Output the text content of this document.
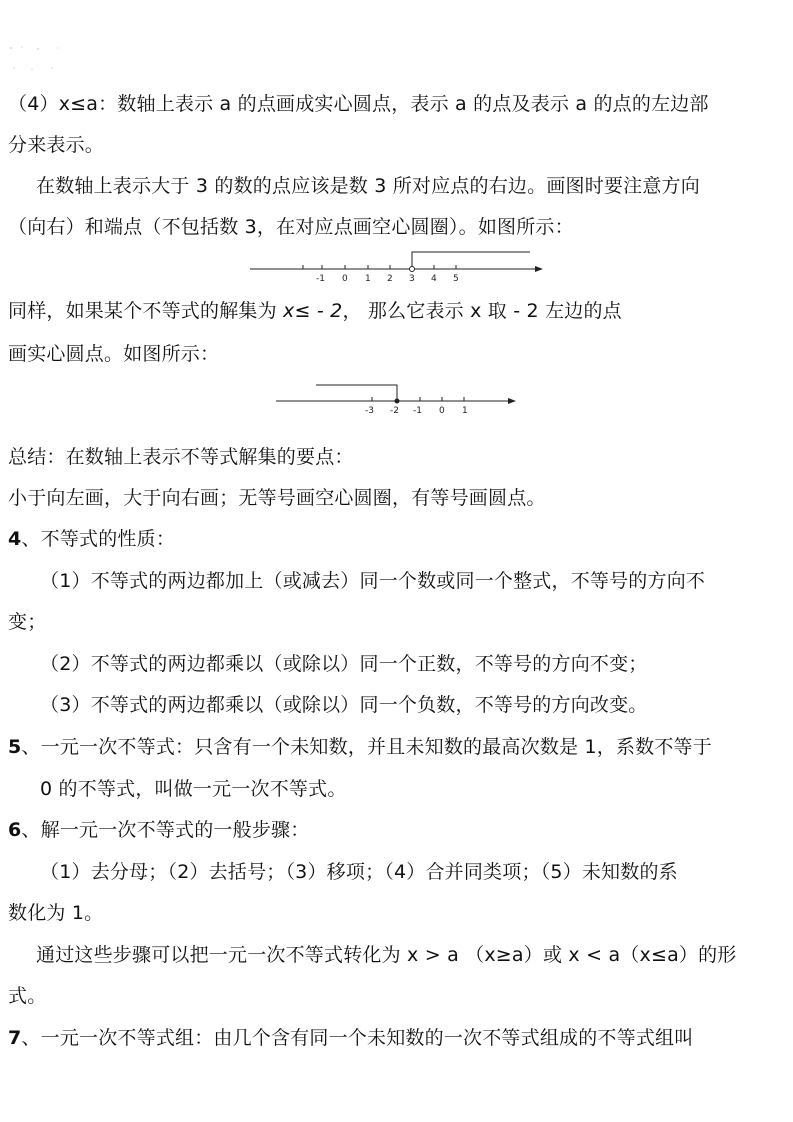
（4）x≤a：数轴上表示 a 的点画成实心圆点，表示 a 的点及表示 a 的点的左边部
分来表示。
在数轴上表示大于 3 的数的点应该是数 3 所对应点的右边。画图时要注意方向
（向右）和端点（不包括数 3，在对应点画空心圆圈）。如图所示：
-1 0 1 2 3 4 5
同样，如果某个不等式的解集为 x≤ - 2， 那么它表示 x 取 - 2 左边的点
画实心圆点。如图所示：
-3 -2 -1 0 1
总结：在数轴上表示不等式解集的要点：
小于向左画，大于向右画；无等号画空心圆圈，有等号画圆点。
4、不等式的性质：
（1）不等式的两边都加上（或减去）同一个数或同一个整式，不等号的方向不
变；
（2）不等式的两边都乘以（或除以）同一个正数，不等号的方向不变；
（3）不等式的两边都乘以（或除以）同一个负数，不等号的方向改变。
5、一元一次不等式：只含有一个未知数，并且未知数的最高次数是 1，系数不等于
0 的不等式，叫做一元一次不等式。
6、解一元一次不等式的一般步骤：
（1）去分母；（2）去括号；（3）移项；（4）合并同类项；（5）未知数的系
数化为 1。
通过这些步骤可以把一元一次不等式转化为 x > a （x≥a）或 x < a（x≤a）的形
式。
7、一元一次不等式组：由几个含有同一个未知数的一次不等式组成的不等式组叫
